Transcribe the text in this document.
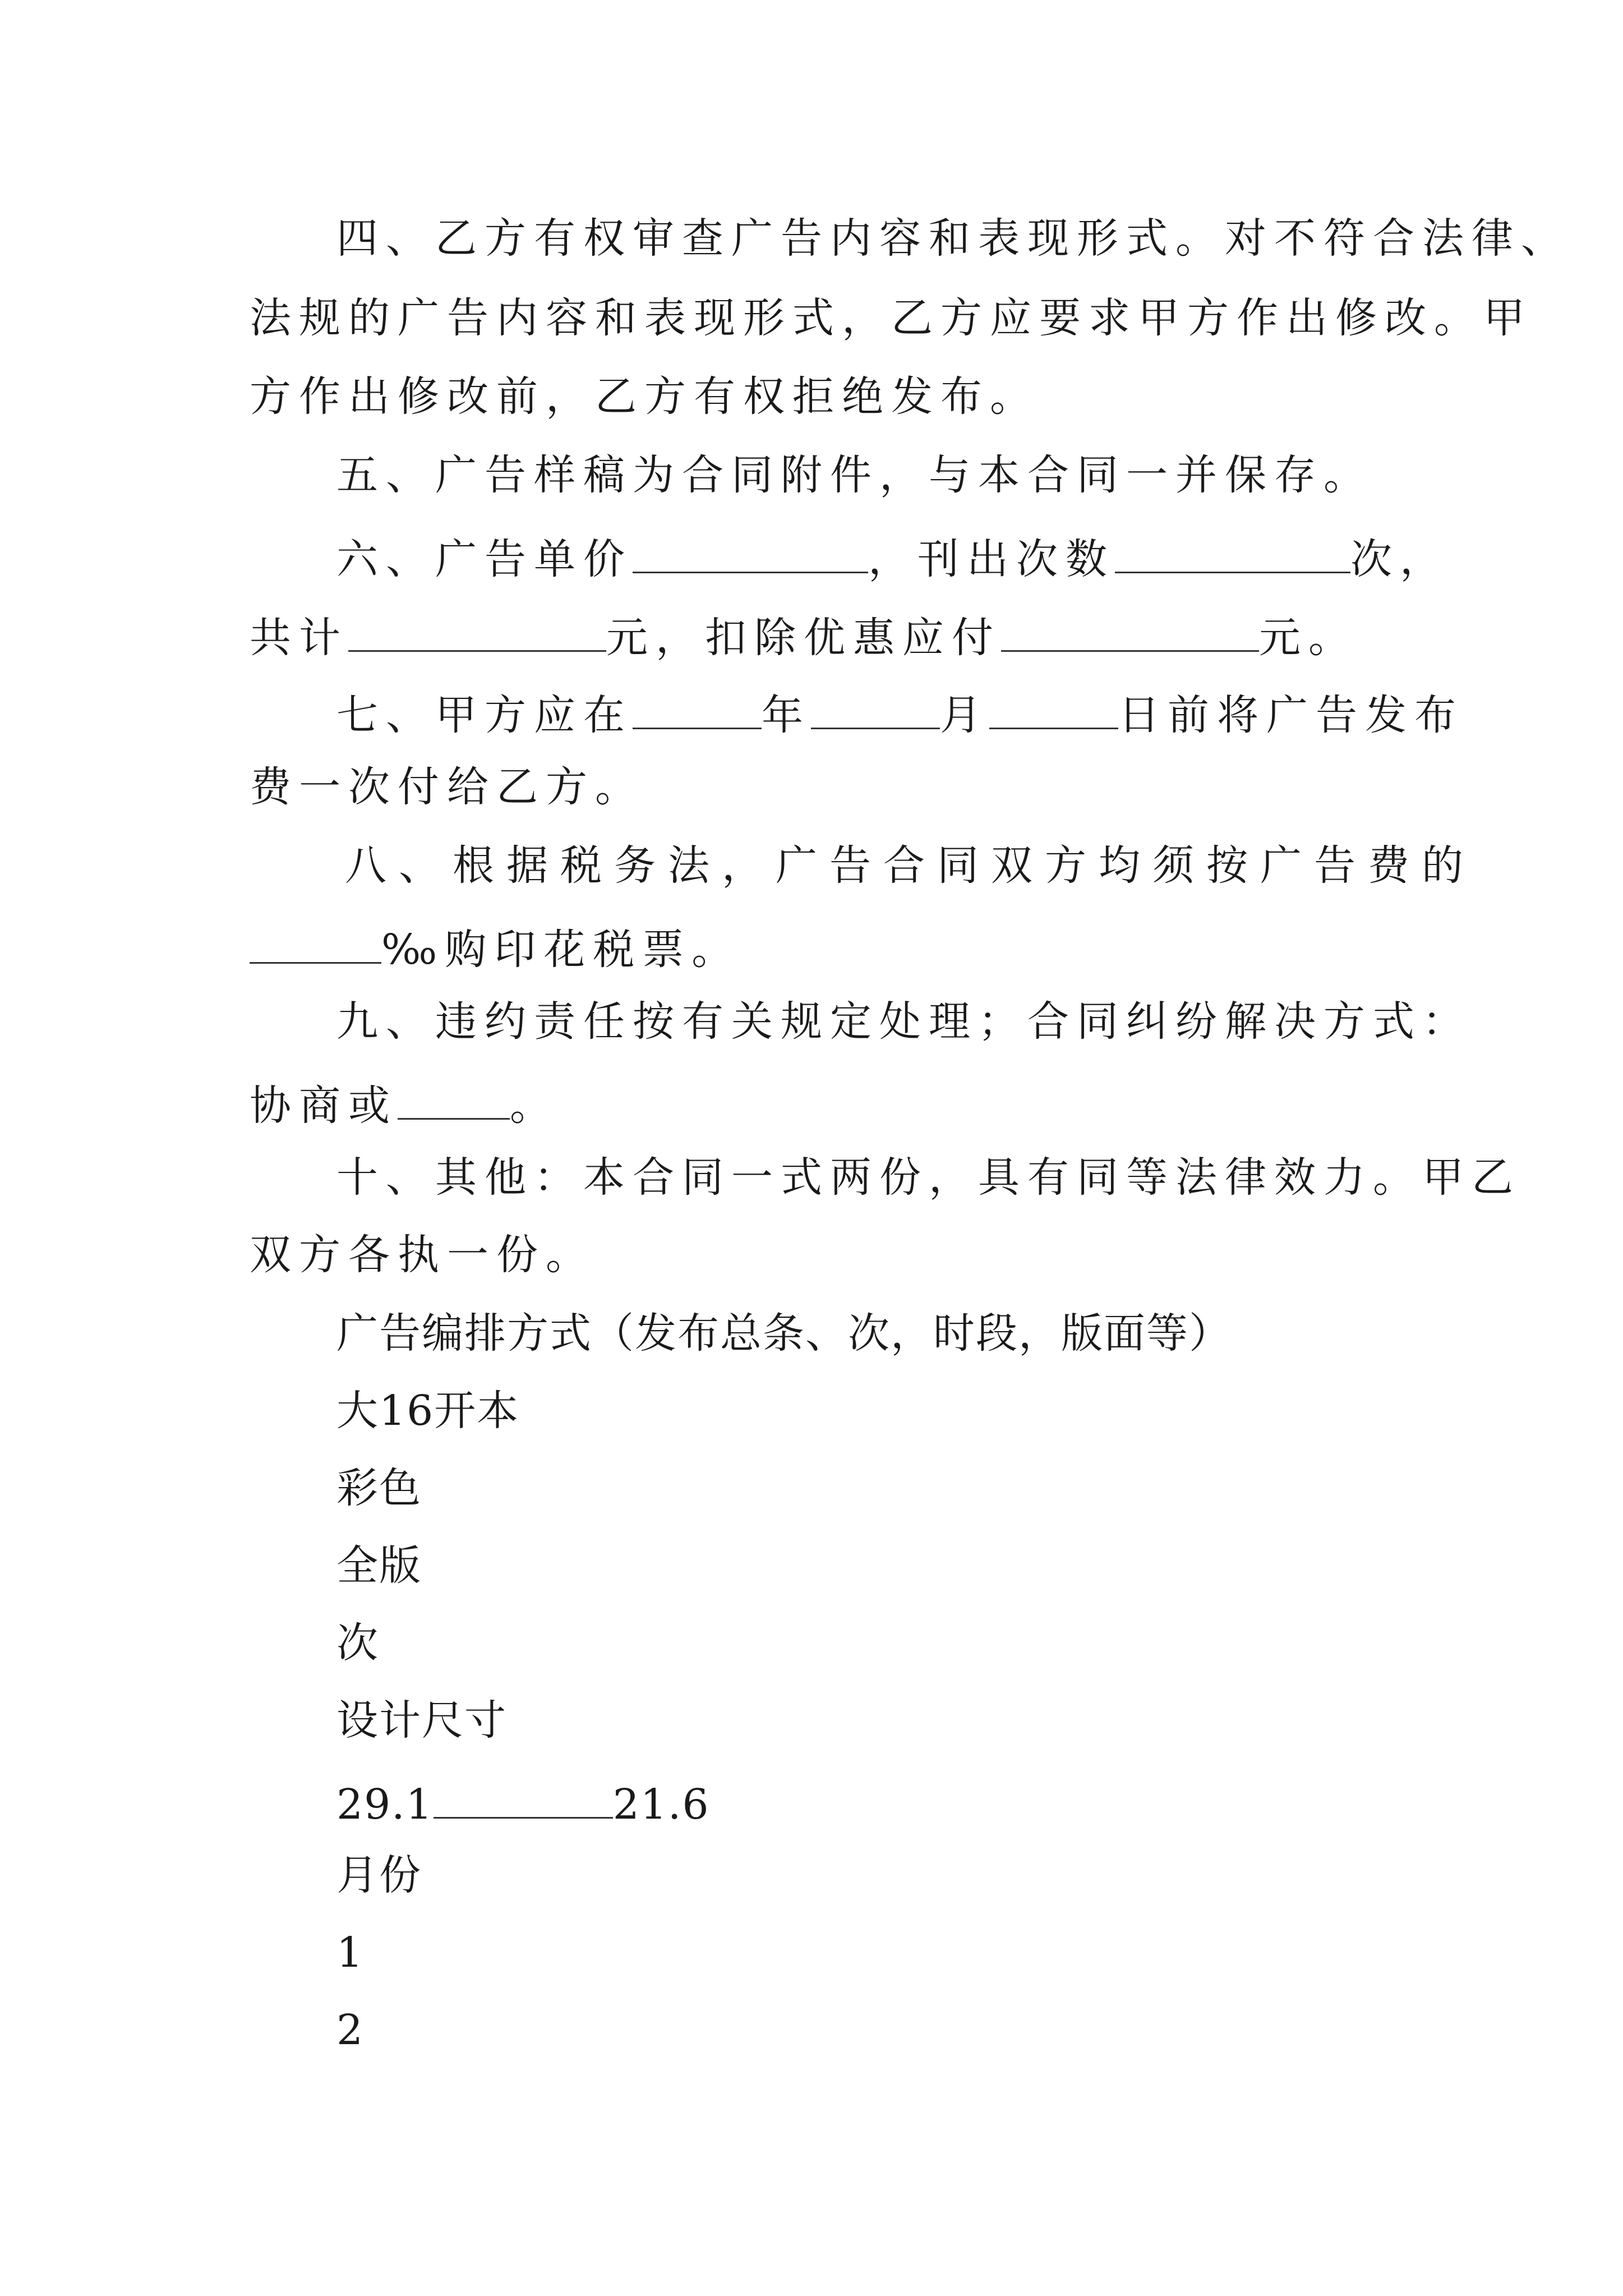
四、乙方有权审查广告内容和表现形式。对不符合法律、
法规的广告内容和表现形式，乙方应要求甲方作出修改。甲
方作出修改前，乙方有权拒绝发布。
五、广告样稿为合同附件，与本合同一并保存。
六、广告单价	，刊出次数	次，
共计	元，扣除优惠应付	元。
七、甲方应在	年	月	日前将广告发布
费一次付给乙方。
八、根据税务法，广告合同双方均须按广告费的
‰购印花税票。
九、违约责任按有关规定处理；合同纠纷解决方式：
协商或	。
十、其他：本合同一式两份，具有同等法律效力。甲乙
双方各执一份。
广告编排方式（发布总条、次，时段，版面等）
大16开本
彩色
全版
次
设计尺寸
29.1	21.6
月份
1
2
